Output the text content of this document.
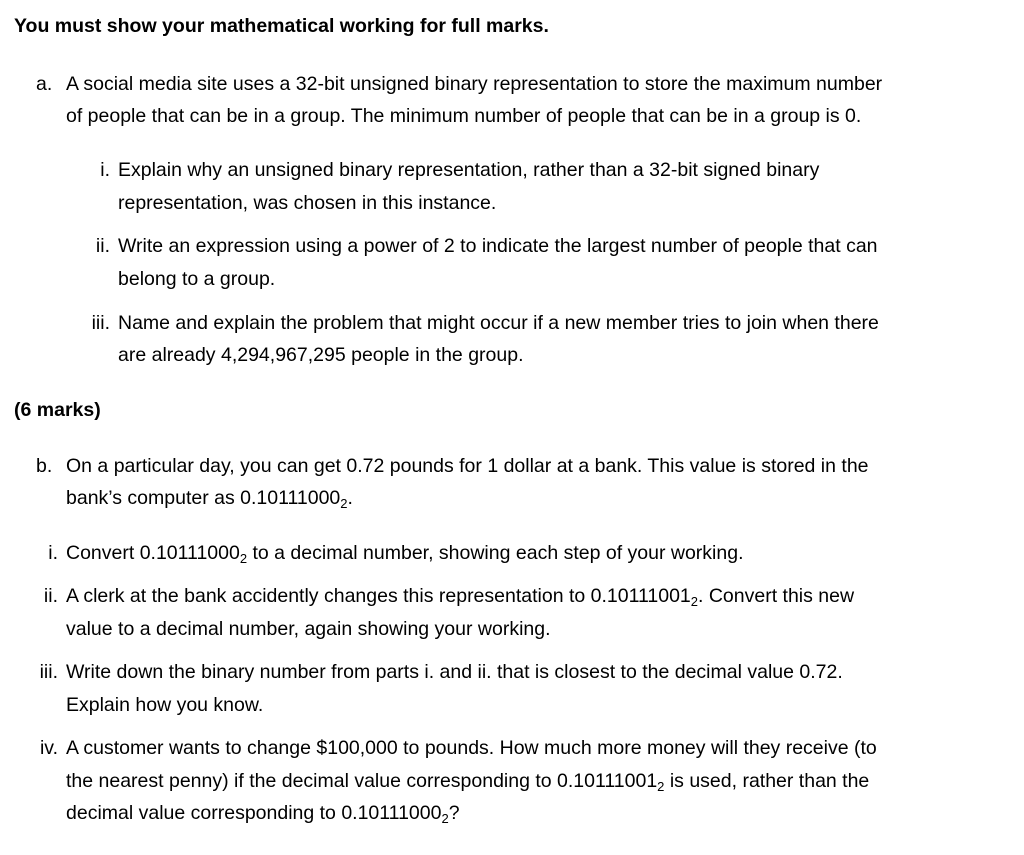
You must show your mathematical working for full marks.
a. A social media site uses a 32-bit unsigned binary representation to store the maximum number
of people that can be in a group. The minimum number of people that can be in a group is 0.
i. Explain why an unsigned binary representation, rather than a 32-bit signed binary
representation, was chosen in this instance.
ii. Write an expression using a power of 2 to indicate the largest number of people that can
belong to a group.
iii. Name and explain the problem that might occur if a new member tries to join when there
are already 4,294,967,295 people in the group.
(6 marks)
b. On a particular day, you can get 0.72 pounds for 1 dollar at a bank. This value is stored in the
bank’s computer as $0.10111000_2$.
i. Convert $0.10111000_2$ to a decimal number, showing each step of your working.
ii. A clerk at the bank accidently changes this representation to $0.10111001_2$. Convert this new
value to a decimal number, again showing your working.
iii. Write down the binary number from parts i. and ii. that is closest to the decimal value 0.72.
Explain how you know.
iv. A customer wants to change $100,000 to pounds. How much more money will they receive (to
the nearest penny) if the decimal value corresponding to $0.10111001_2$ is used, rather than the
decimal value corresponding to $0.10111000_2$?
